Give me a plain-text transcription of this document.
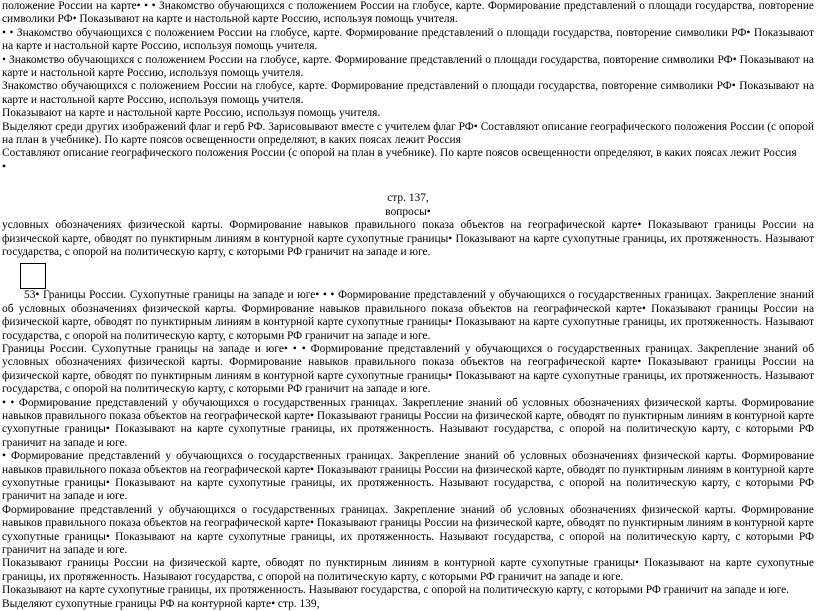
положение России на карте• • • Знакомство обучающихся с положением России на глобусе, карте. Формирование представлений о площади государства, повторение символики РФ• Показывают на карте и настольной карте Россию, используя помощь учителя.

• • Знакомство обучающихся с положением России на глобусе, карте. Формирование представлений о площади государства, повторение символики РФ• Показывают на карте и настольной карте Россию, используя помощь учителя.

• Знакомство обучающихся с положением России на глобусе, карте. Формирование представлений о площади государства, повторение символики РФ• Показывают на карте и настольной карте Россию, используя помощь учителя.

Знакомство обучающихся с положением России на глобусе, карте. Формирование представлений о площади государства, повторение символики РФ• Показывают на карте и настольной карте Россию, используя помощь учителя.

Показывают на карте и настольной карте Россию, используя помощь учителя.

Выделяют среди других изображений флаг и герб РФ. Зарисовывают вместе с учителем флаг РФ• Составляют описание географического положения России (с опорой на план в учебнике). По карте поясов освещенности определяют, в каких поясах лежит Россия

Составляют описание географического положения России (с опорой на план в учебнике). По карте поясов освещенности определяют, в каких поясах лежит Россия

•

стр. 137,

вопросы•

условных обозначениях физической карты. Формирование навыков правильного показа объектов на географической карте• Показывают границы России на физической карте, обводят по пунктирным линиям в контурной карте сухопутные границы• Показывают на карте сухопутные границы, их протяженность. Называют государства, с опорой на политическую карту, с которыми РФ граничит на западе и юге.

53• Границы России. Сухопутные границы на западе и юге• • • Формирование представлений у обучающихся о государственных границах. Закрепление знаний об условных обозначениях физической карты. Формирование навыков правильного показа объектов на географической карте• Показывают границы России на физической карте, обводят по пунктирным линиям в контурной карте сухопутные границы• Показывают на карте сухопутные границы, их протяженность. Называют государства, с опорой на политическую карту, с которыми РФ граничит на западе и юге.

Границы России. Сухопутные границы на западе и юге• • • Формирование представлений у обучающихся о государственных границах. Закрепление знаний об условных обозначениях физической карты. Формирование навыков правильного показа объектов на географической карте• Показывают границы России на физической карте, обводят по пунктирным линиям в контурной карте сухопутные границы• Показывают на карте сухопутные границы, их протяженность. Называют государства, с опорой на политическую карту, с которыми РФ граничит на западе и юге.

• • Формирование представлений у обучающихся о государственных границах. Закрепление знаний об условных обозначениях физической карты. Формирование навыков правильного показа объектов на географической карте• Показывают границы России на физической карте, обводят по пунктирным линиям в контурной карте сухопутные границы• Показывают на карте сухопутные границы, их протяженность. Называют государства, с опорой на политическую карту, с которыми РФ граничит на западе и юге.

• Формирование представлений у обучающихся о государственных границах. Закрепление знаний об условных обозначениях физической карты. Формирование навыков правильного показа объектов на географической карте• Показывают границы России на физической карте, обводят по пунктирным линиям в контурной карте сухопутные границы• Показывают на карте сухопутные границы, их протяженность. Называют государства, с опорой на политическую карту, с которыми РФ граничит на западе и юге.

Формирование представлений у обучающихся о государственных границах. Закрепление знаний об условных обозначениях физической карты. Формирование навыков правильного показа объектов на географической карте• Показывают границы России на физической карте, обводят по пунктирным линиям в контурной карте сухопутные границы• Показывают на карте сухопутные границы, их протяженность. Называют государства, с опорой на политическую карту, с которыми РФ граничит на западе и юге.

Показывают границы России на физической карте, обводят по пунктирным линиям в контурной карте сухопутные границы• Показывают на карте сухопутные границы, их протяженность. Называют государства, с опорой на политическую карту, с которыми РФ граничит на западе и юге.

Показывают на карте сухопутные границы, их протяженность. Называют государства, с опорой на политическую карту, с которыми РФ граничит на западе и юге.

Выделяют сухопутные границы РФ на контурной карте• стр. 139,
